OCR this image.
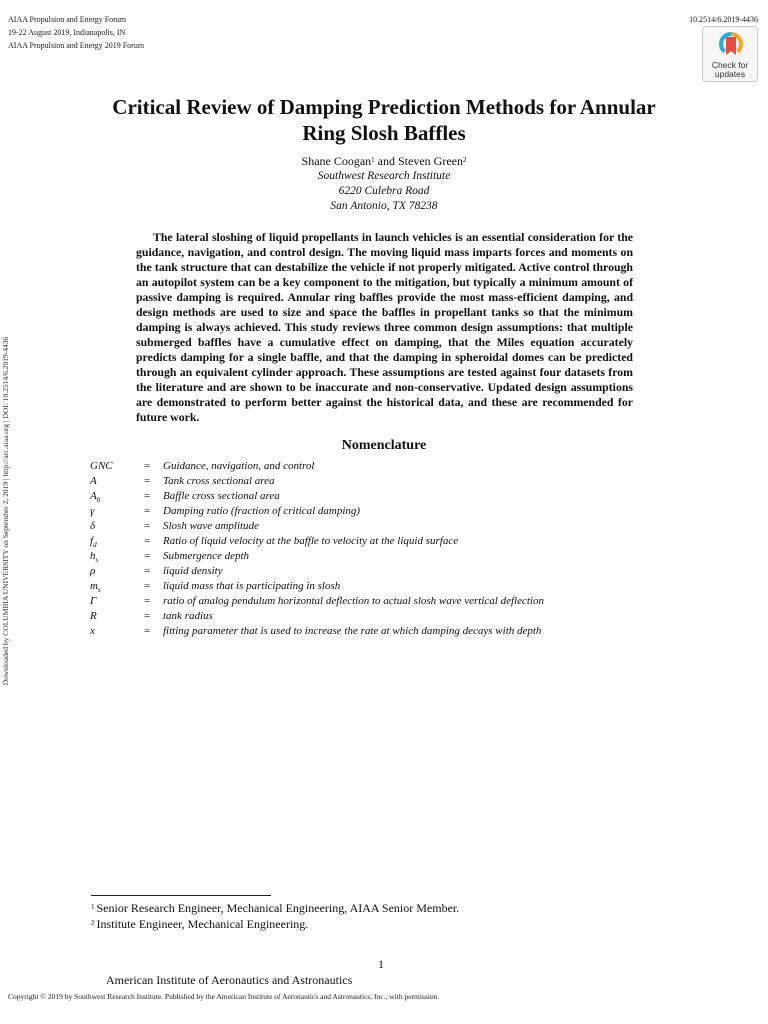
AIAA Propulsion and Energy Forum
19-22 August 2019, Indianapolis, IN
AIAA Propulsion and Energy 2019 Forum
10.2514/6.2019-4436
Check for
updates
Downloaded by COLUMBIA UNIVERSITY on September 2, 2019 | http://arc.aiaa.org | DOI: 10.2514/6.2019-4436
Critical Review of Damping Prediction Methods for Annular
Ring Slosh Baffles
Shane Coogan$^1$ and Steven Green$^2$
Southwest Research Institute
6220 Culebra Road
San Antonio, TX 78238

The lateral sloshing of liquid propellants in launch vehicles is an essential consideration for the guidance, navigation, and control design. The moving liquid mass imparts forces and moments on the tank structure that can destabilize the vehicle if not properly mitigated. Active control through an autopilot system can be a key component to the mitigation, but typically a minimum amount of passive damping is required. Annular ring baffles provide the most mass-efficient damping, and design methods are used to size and space the baffles in propellant tanks so that the minimum damping is always achieved. This study reviews three common design assumptions: that multiple submerged baffles have a cumulative effect on damping, that the Miles equation accurately predicts damping for a single baffle, and that the damping in spheroidal domes can be predicted through an equivalent cylinder approach. These assumptions are tested against four datasets from the literature and are shown to be inaccurate and non-conservative. Updated design assumptions are demonstrated to perform better against the historical data, and these are recommended for future work.

Nomenclature
GNC	=	Guidance, navigation, and control
A	=	Tank cross sectional area
$A_b$	=	Baffle cross sectional area
γ	=	Damping ratio (fraction of critical damping)
δ	=	Slosh wave amplitude
$f_d$	=	Ratio of liquid velocity at the baffle to velocity at the liquid surface
$h_s$	=	Submergence depth
ρ	=	liquid density
$m_s$	=	liquid mass that is participating in slosh
Γ	=	ratio of analog pendulum horizontal deflection to actual slosh wave vertical deflection
R	=	tank radius
x	=	fitting parameter that is used to increase the rate at which damping decays with depth
$^1$ Senior Research Engineer, Mechanical Engineering, AIAA Senior Member.
$^2$ Institute Engineer, Mechanical Engineering.
1
American Institute of Aeronautics and Astronautics
Copyright © 2019 by Southwest Research Institute. Published by the American Institute of Aeronautics and Astronautics, Inc., with permission.
